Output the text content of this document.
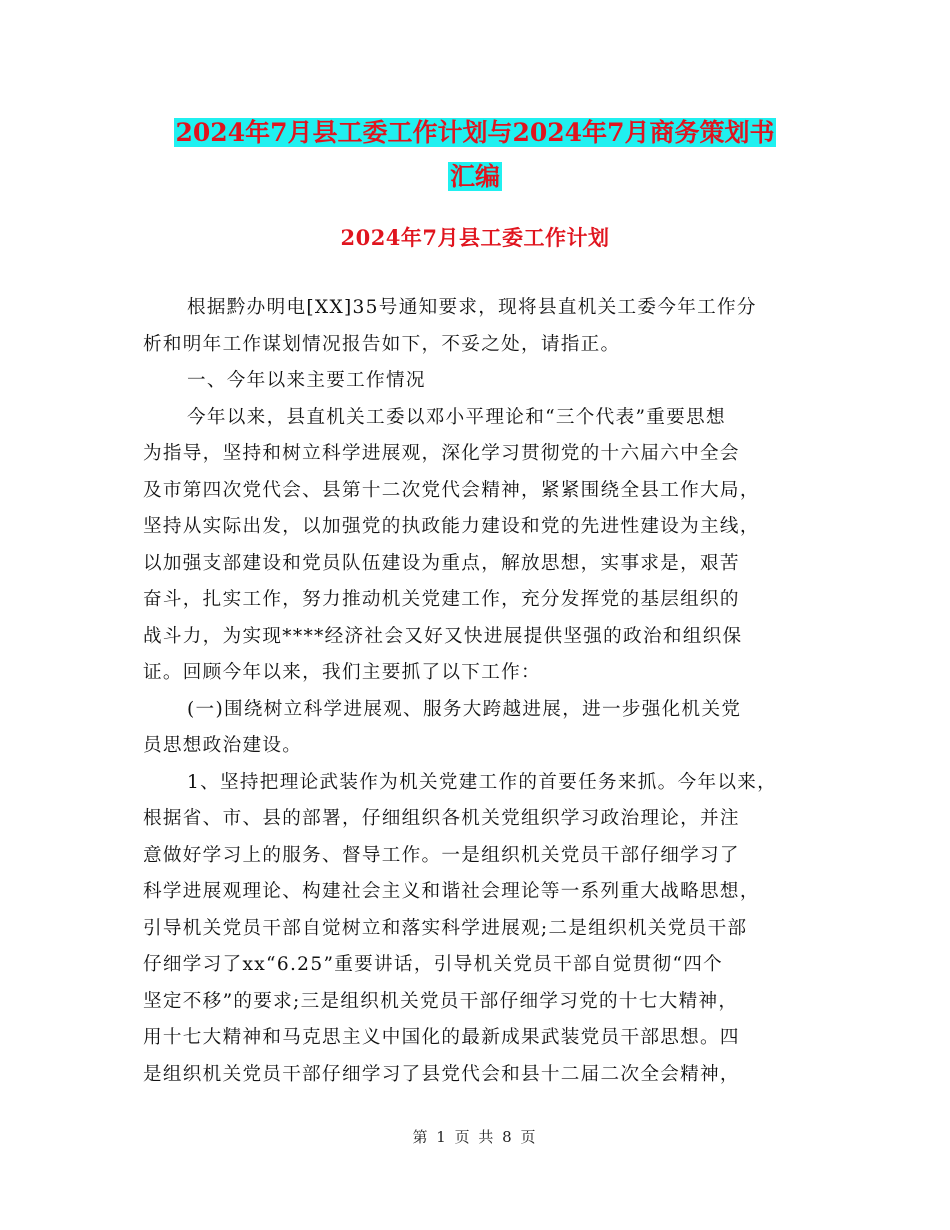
2024年7月县工委工作计划与2024年7月商务策划书
汇编
2024年7月县工委工作计划
根据黔办明电[XX]35号通知要求，现将县直机关工委今年工作分
析和明年工作谋划情况报告如下，不妥之处，请指正。
一、今年以来主要工作情况
今年以来，县直机关工委以邓小平理论和“三个代表”重要思想
为指导，坚持和树立科学进展观，深化学习贯彻党的十六届六中全会
及市第四次党代会、县第十二次党代会精神，紧紧围绕全县工作大局，
坚持从实际出发，以加强党的执政能力建设和党的先进性建设为主线，
以加强支部建设和党员队伍建设为重点，解放思想，实事求是，艰苦
奋斗，扎实工作，努力推动机关党建工作，充分发挥党的基层组织的
战斗力，为实现****经济社会又好又快进展提供坚强的政治和组织保
证。回顾今年以来，我们主要抓了以下工作：
(一)围绕树立科学进展观、服务大跨越进展，进一步强化机关党
员思想政治建设。
1、坚持把理论武装作为机关党建工作的首要任务来抓。今年以来，
根据省、市、县的部署，仔细组织各机关党组织学习政治理论，并注
意做好学习上的服务、督导工作。一是组织机关党员干部仔细学习了
科学进展观理论、构建社会主义和谐社会理论等一系列重大战略思想，
引导机关党员干部自觉树立和落实科学进展观;二是组织机关党员干部
仔细学习了xx“6.25”重要讲话，引导机关党员干部自觉贯彻“四个
坚定不移”的要求;三是组织机关党员干部仔细学习党的十七大精神，
用十七大精神和马克思主义中国化的最新成果武装党员干部思想。四
是组织机关党员干部仔细学习了县党代会和县十二届二次全会精神，
第 1 页 共 8 页
